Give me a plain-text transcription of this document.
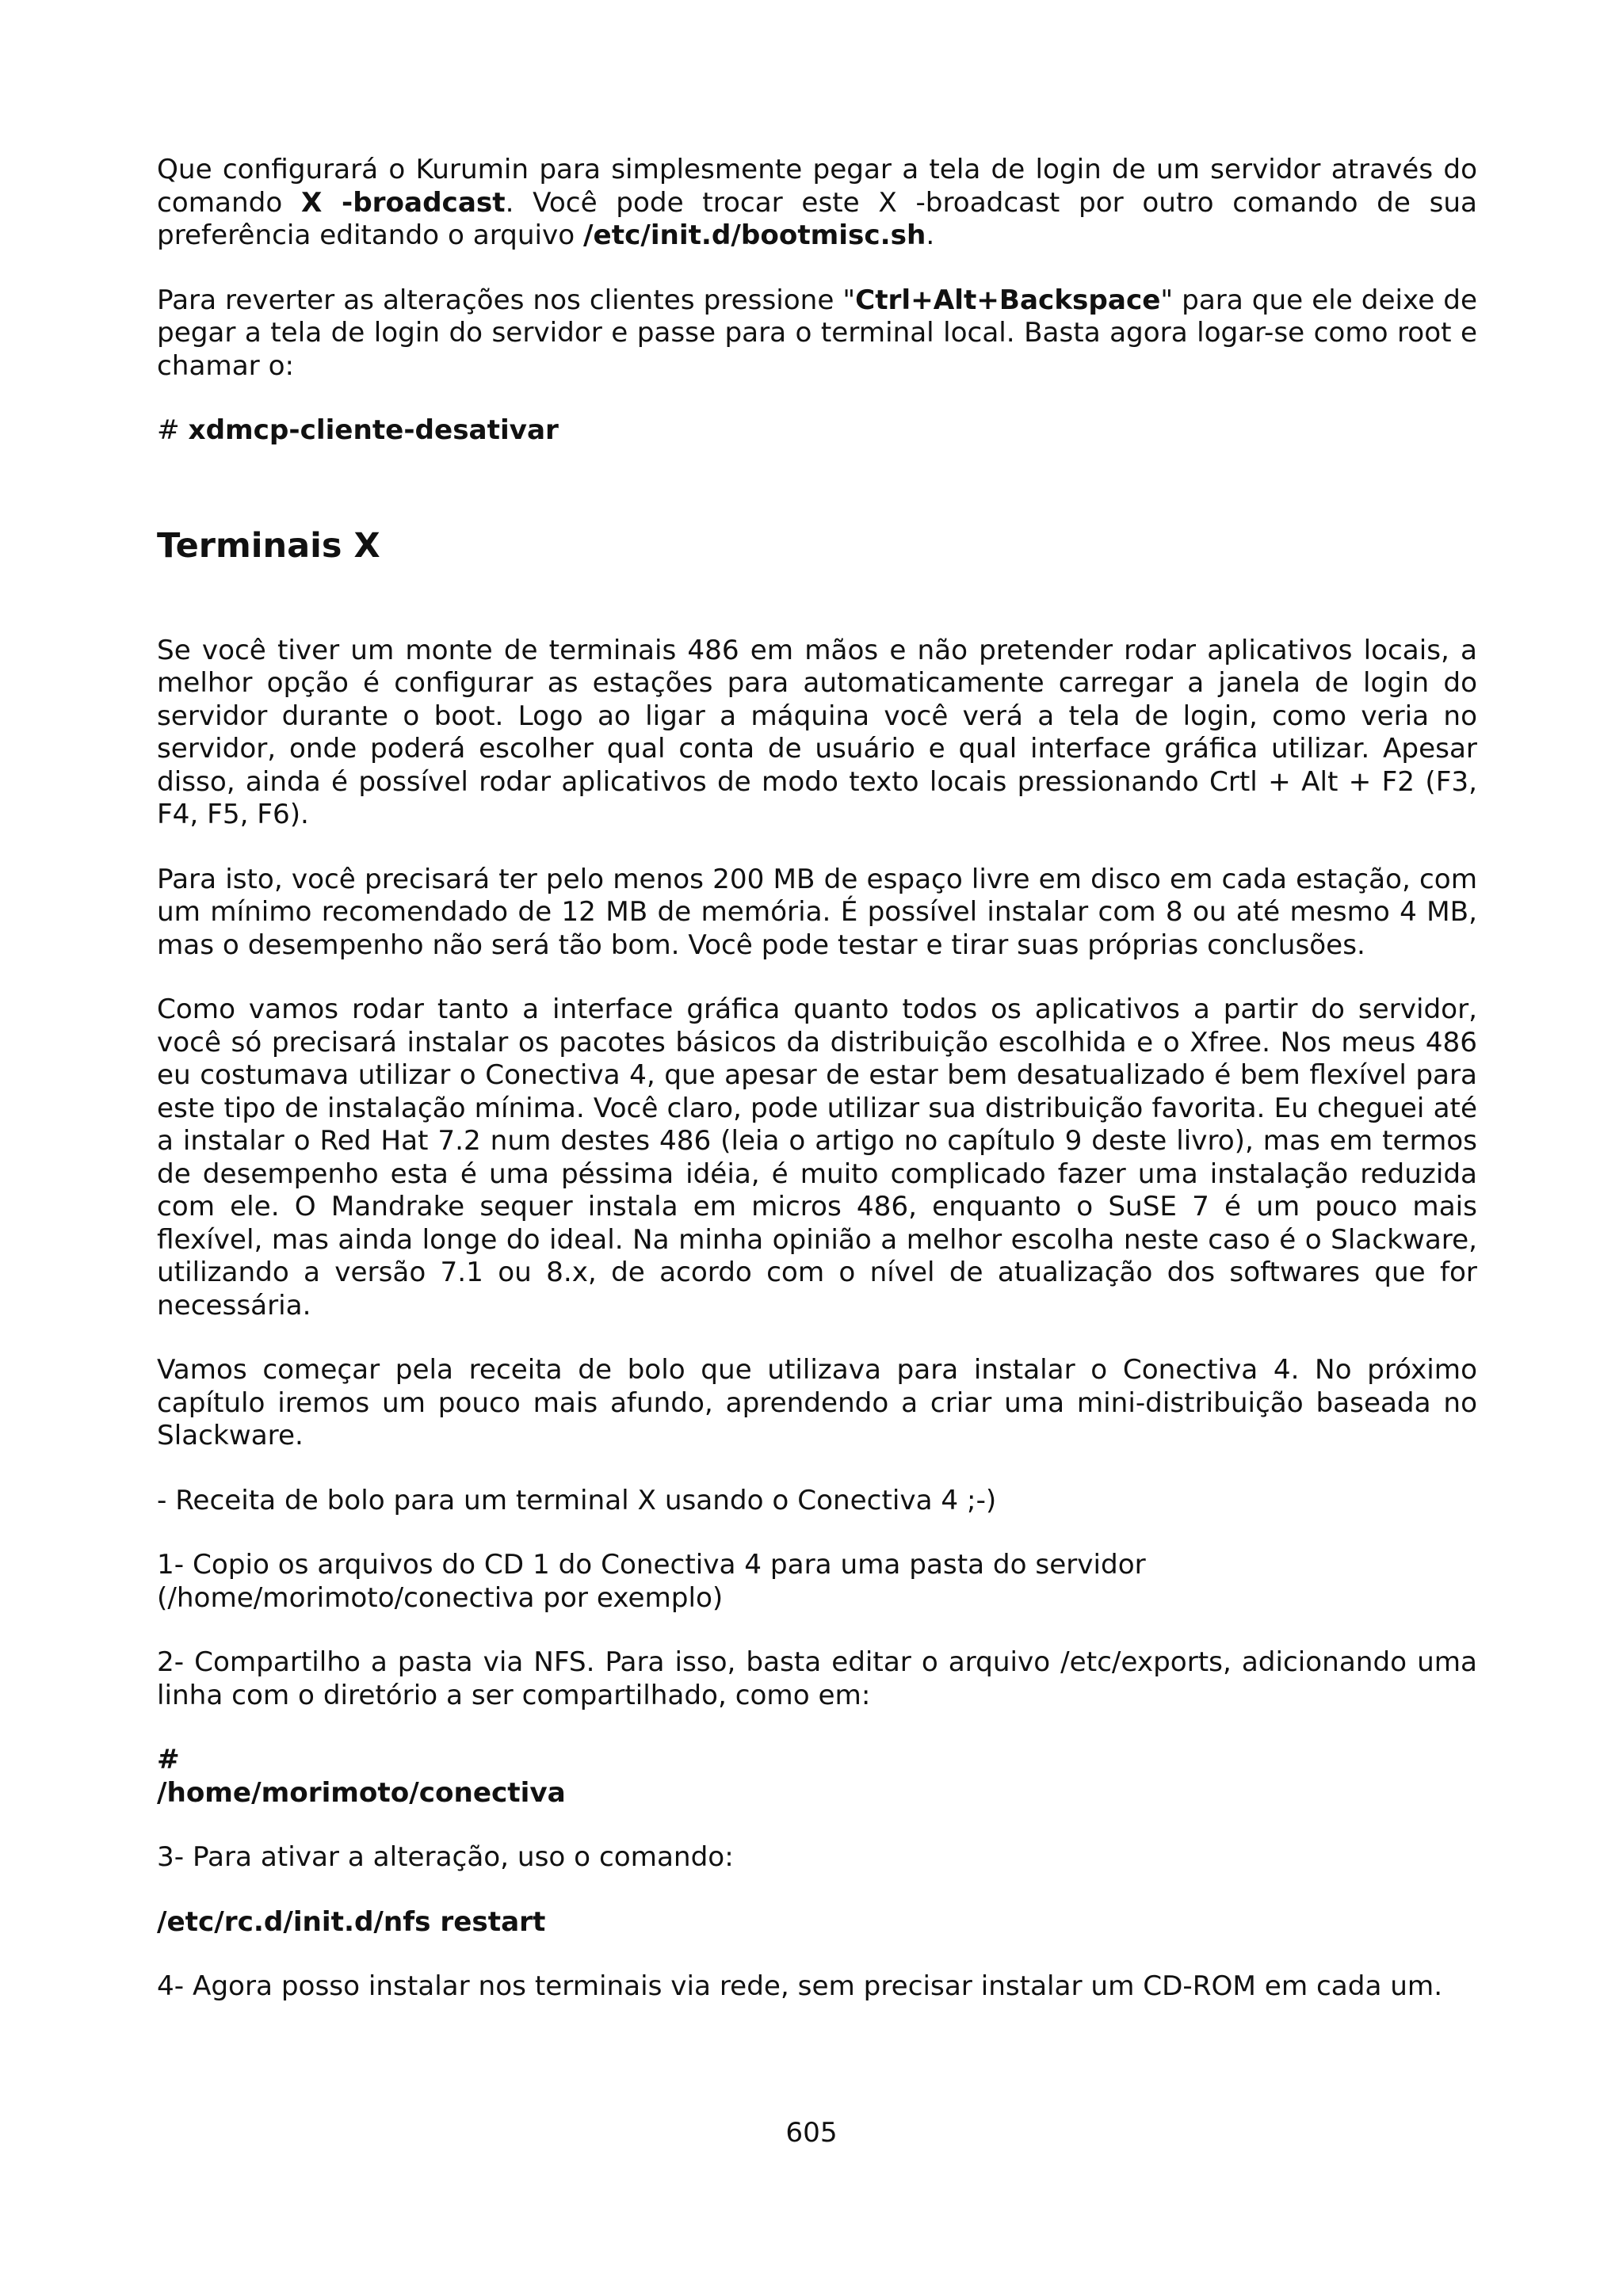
Que configurará o Kurumin para simplesmente pegar a tela de login de um servidor através do comando X -broadcast. Você pode trocar este X -broadcast por outro comando de sua preferência editando o arquivo /etc/init.d/bootmisc.sh.

Para reverter as alterações nos clientes pressione "Ctrl+Alt+Backspace" para que ele deixe de pegar a tela de login do servidor e passe para o terminal local. Basta agora logar-se como root e chamar o:

# xdmcp-cliente-desativar

Terminais X

Se você tiver um monte de terminais 486 em mãos e não pretender rodar aplicativos locais, a melhor opção é configurar as estações para automaticamente carregar a janela de login do servidor durante o boot. Logo ao ligar a máquina você verá a tela de login, como veria no servidor, onde poderá escolher qual conta de usuário e qual interface gráfica utilizar. Apesar disso, ainda é possível rodar aplicativos de modo texto locais pressionando Crtl + Alt + F2 (F3, F4, F5, F6).

Para isto, você precisará ter pelo menos 200 MB de espaço livre em disco em cada estação, com um mínimo recomendado de 12 MB de memória. É possível instalar com 8 ou até mesmo 4 MB, mas o desempenho não será tão bom. Você pode testar e tirar suas próprias conclusões.

Como vamos rodar tanto a interface gráfica quanto todos os aplicativos a partir do servidor, você só precisará instalar os pacotes básicos da distribuição escolhida e o Xfree. Nos meus 486 eu costumava utilizar o Conectiva 4, que apesar de estar bem desatualizado é bem flexível para este tipo de instalação mínima. Você claro, pode utilizar sua distribuição favorita. Eu cheguei até a instalar o Red Hat 7.2 num destes 486 (leia o artigo no capítulo 9 deste livro), mas em termos de desempenho esta é uma péssima idéia, é muito complicado fazer uma instalação reduzida com ele. O Mandrake sequer instala em micros 486, enquanto o SuSE 7 é um pouco mais flexível, mas ainda longe do ideal. Na minha opinião a melhor escolha neste caso é o Slackware, utilizando a versão 7.1 ou 8.x, de acordo com o nível de atualização dos softwares que for necessária.

Vamos começar pela receita de bolo que utilizava para instalar o Conectiva 4. No próximo capítulo iremos um pouco mais afundo, aprendendo a criar uma mini-distribuição baseada no Slackware.

- Receita de bolo para um terminal X usando o Conectiva 4 ;-)

1- Copio os arquivos do CD 1 do Conectiva 4 para uma pasta do servidor
(/home/morimoto/conectiva por exemplo)

2- Compartilho a pasta via NFS. Para isso, basta editar o arquivo /etc/exports, adicionando uma linha com o diretório a ser compartilhado, como em:

#
/home/morimoto/conectiva

3- Para ativar a alteração, uso o comando:

/etc/rc.d/init.d/nfs restart

4- Agora posso instalar nos terminais via rede, sem precisar instalar um CD-ROM em cada um.

605
